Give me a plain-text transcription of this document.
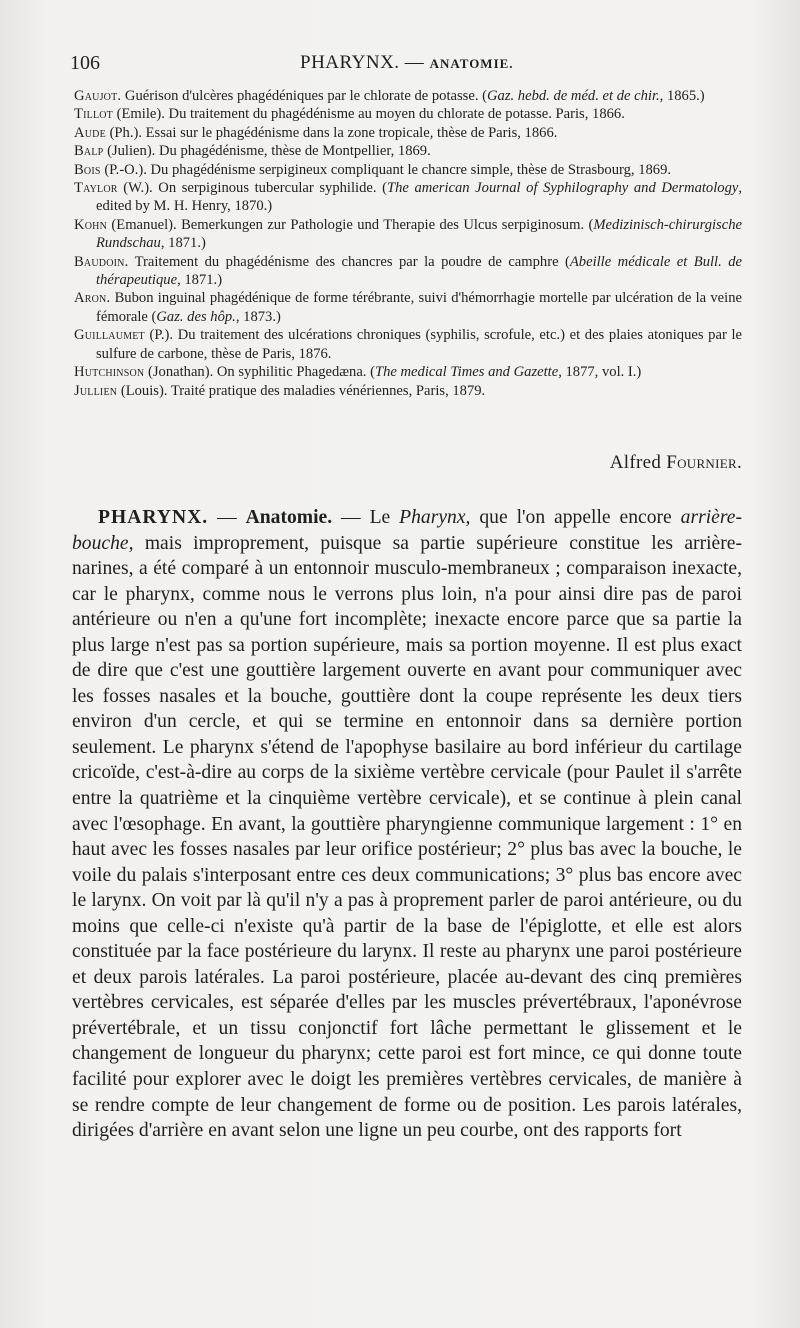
106	PHARYNX. — ANATOMIE.

Gaujot. Guérison d'ulcères phagédéniques par le chlorate de potasse. (Gaz. hebd. de méd. et de chir., 1865.)

Tillot (Emile). Du traitement du phagédénisme au moyen du chlorate de potasse. Paris, 1866.

Aude (Ph.). Essai sur le phagédénisme dans la zone tropicale, thèse de Paris, 1866.

Balp (Julien). Du phagédénisme, thèse de Montpellier, 1869.

Bois (P.-O.). Du phagédénisme serpigineux compliquant le chancre simple, thèse de Strasbourg, 1869.

Taylor (W.). On serpiginous tubercular syphilide. (The american Journal of Syphilography and Dermatology, edited by M. H. Henry, 1870.)

Kohn (Emanuel). Bemerkungen zur Pathologie und Therapie des Ulcus serpiginosum. (Medizinisch-chirurgische Rundschau, 1871.)

Baudoin. Traitement du phagédénisme des chancres par la poudre de camphre (Abeille médicale et Bull. de thérapeutique, 1871.)

Aron. Bubon inguinal phagédénique de forme térébrante, suivi d'hémorrhagie mortelle par ulcération de la veine fémorale (Gaz. des hôp., 1873.)

Guillaumet (P.). Du traitement des ulcérations chroniques (syphilis, scrofule, etc.) et des plaies atoniques par le sulfure de carbone, thèse de Paris, 1876.

Hutchinson (Jonathan). On syphilitic Phagedæna. (The medical Times and Gazette, 1877, vol. I.)

Jullien (Louis). Traité pratique des maladies vénériennes, Paris, 1879.

Alfred Fournier.

PHARYNX. — Anatomie. — Le Pharynx, que l'on appelle encore arrière-bouche, mais improprement, puisque sa partie supérieure constitue les arrière-narines, a été comparé à un entonnoir musculo-membraneux ; comparaison inexacte, car le pharynx, comme nous le verrons plus loin, n'a pour ainsi dire pas de paroi antérieure ou n'en a qu'une fort incomplète; inexacte encore parce que sa partie la plus large n'est pas sa portion supérieure, mais sa portion moyenne. Il est plus exact de dire que c'est une gouttière largement ouverte en avant pour communiquer avec les fosses nasales et la bouche, gouttière dont la coupe représente les deux tiers environ d'un cercle, et qui se termine en entonnoir dans sa dernière portion seulement. Le pharynx s'étend de l'apophyse basilaire au bord inférieur du cartilage cricoïde, c'est-à-dire au corps de la sixième vertèbre cervicale (pour Paulet il s'arrête entre la quatrième et la cinquième vertèbre cervicale), et se continue à plein canal avec l'œsophage. En avant, la gouttière pharyngienne communique largement : 1° en haut avec les fosses nasales par leur orifice postérieur; 2° plus bas avec la bouche, le voile du palais s'interposant entre ces deux communications; 3° plus bas encore avec le larynx. On voit par là qu'il n'y a pas à proprement parler de paroi antérieure, ou du moins que celle-ci n'existe qu'à partir de la base de l'épiglotte, et elle est alors constituée par la face postérieure du larynx. Il reste au pharynx une paroi postérieure et deux parois latérales. La paroi postérieure, placée au-devant des cinq premières vertèbres cervicales, est séparée d'elles par les muscles prévertébraux, l'aponévrose prévertébrale, et un tissu conjonctif fort lâche permettant le glissement et le changement de longueur du pharynx; cette paroi est fort mince, ce qui donne toute facilité pour explorer avec le doigt les premières vertèbres cervicales, de manière à se rendre compte de leur changement de forme ou de position. Les parois latérales, dirigées d'arrière en avant selon une ligne un peu courbe, ont des rapports fort
